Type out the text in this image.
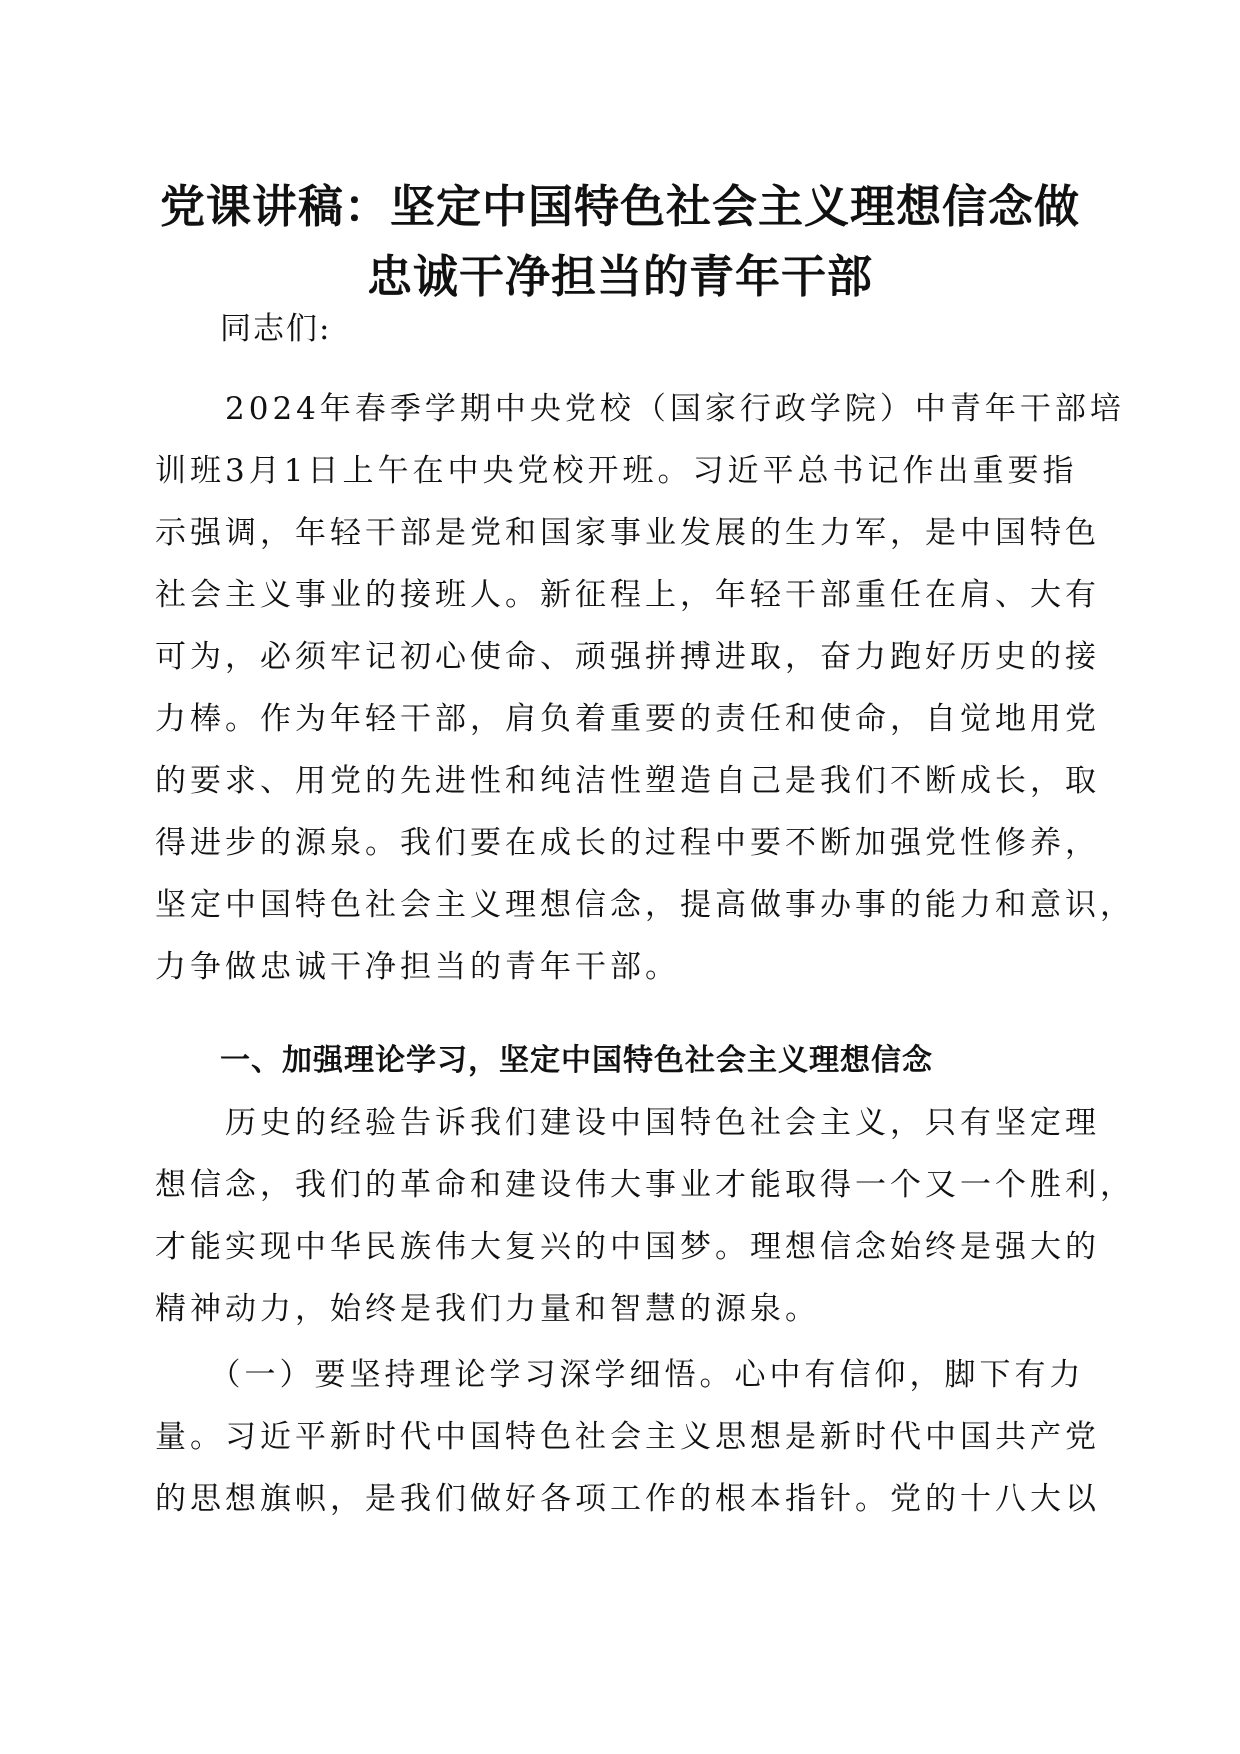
党课讲稿：坚定中国特色社会主义理想信念做
忠诚干净担当的青年干部

同志们:

　　2024年春季学期中央党校（国家行政学院）中青年干部培
训班3月1日上午在中央党校开班。习近平总书记作出重要指
示强调，年轻干部是党和国家事业发展的生力军，是中国特色
社会主义事业的接班人。新征程上，年轻干部重任在肩、大有
可为，必须牢记初心使命、顽强拼搏进取，奋力跑好历史的接
力棒。作为年轻干部，肩负着重要的责任和使命，自觉地用党
的要求、用党的先进性和纯洁性塑造自己是我们不断成长，取
得进步的源泉。我们要在成长的过程中要不断加强党性修养，
坚定中国特色社会主义理想信念，提高做事办事的能力和意识，
力争做忠诚干净担当的青年干部。

一、加强理论学习，坚定中国特色社会主义理想信念

　　历史的经验告诉我们建设中国特色社会主义，只有坚定理
想信念，我们的革命和建设伟大事业才能取得一个又一个胜利，
才能实现中华民族伟大复兴的中国梦。理想信念始终是强大的
精神动力，始终是我们力量和智慧的源泉。

　　（一）要坚持理论学习深学细悟。心中有信仰，脚下有力
量。习近平新时代中国特色社会主义思想是新时代中国共产党
的思想旗帜，是我们做好各项工作的根本指针。党的十八大以
